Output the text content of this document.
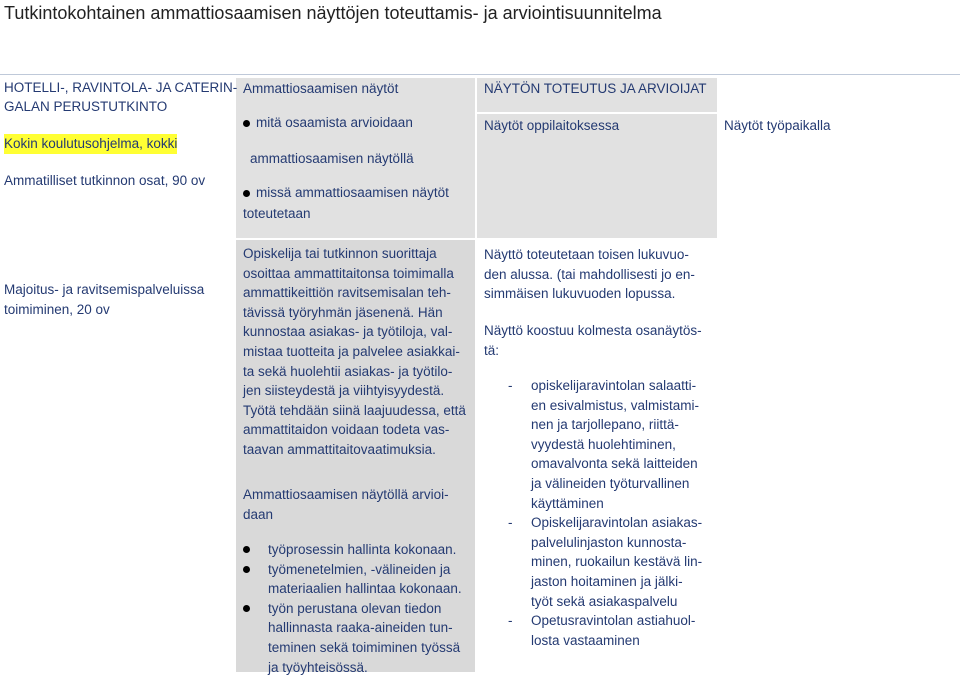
Tutkintokohtainen ammattiosaamisen näyttöjen toteuttamis- ja arviointisuunnitelma
HOTELLI-, RAVINTOLA- JA CATERIN-
GALAN PERUSTUTKINTO
Kokin koulutusohjelma, kokki
Ammatilliset tutkinnon osat, 90 ov
Ammattiosaamisen näytöt
mitä osaamista arvioidaan
ammattiosaamisen näytöllä
missä ammattiosaamisen näytöt
toteutetaan
NÄYTÖN TOTEUTUS JA ARVIOIJAT
Näytöt oppilaitoksessa	Näytöt työpaikalla
Majoitus- ja ravitsemispalveluissa
toimiminen, 20 ov
Opiskelija tai tutkinnon suorittaja
osoittaa ammattitaitonsa toimimalla
ammattikeittiön ravitsemisalan teh-
tävissä työryhmän jäsenenä. Hän
kunnostaa asiakas- ja työtiloja, val-
mistaa tuotteita ja palvelee asiakkai-
ta sekä huolehtii asiakas- ja työtilo-
jen siisteydestä ja viihtyisyydestä.
Työtä tehdään siinä laajuudessa, että
ammattitaidon voidaan todeta vas-
taavan ammattitaitovaatimuksia.
Ammattiosaamisen näytöllä arvioi-
daan
työprosessin hallinta kokonaan.
työmenetelmien, -välineiden ja
materiaalien hallintaa kokonaan.
työn perustana olevan tiedon
hallinnasta raaka-aineiden tun-
teminen sekä toimiminen työssä
ja työyhteisössä.
Näyttö toteutetaan toisen lukuvuo-
den alussa. (tai mahdollisesti jo en-
simmäisen lukuvuoden lopussa.
Näyttö koostuu kolmesta osanäytös-
tä:
- opiskelijaravintolan salaatti-
en esivalmistus, valmistami-
nen ja tarjollepano, riittä-
vyydestä huolehtiminen,
omavalvonta sekä laitteiden
ja välineiden työturvallinen
käyttäminen
- Opiskelijaravintolan asiakas-
palvelulinjaston kunnosta-
minen, ruokailun kestävä lin-
jaston hoitaminen ja jälki-
työt sekä asiakaspalvelu
- Opetusravintolan astiahuol-
losta vastaaminen
